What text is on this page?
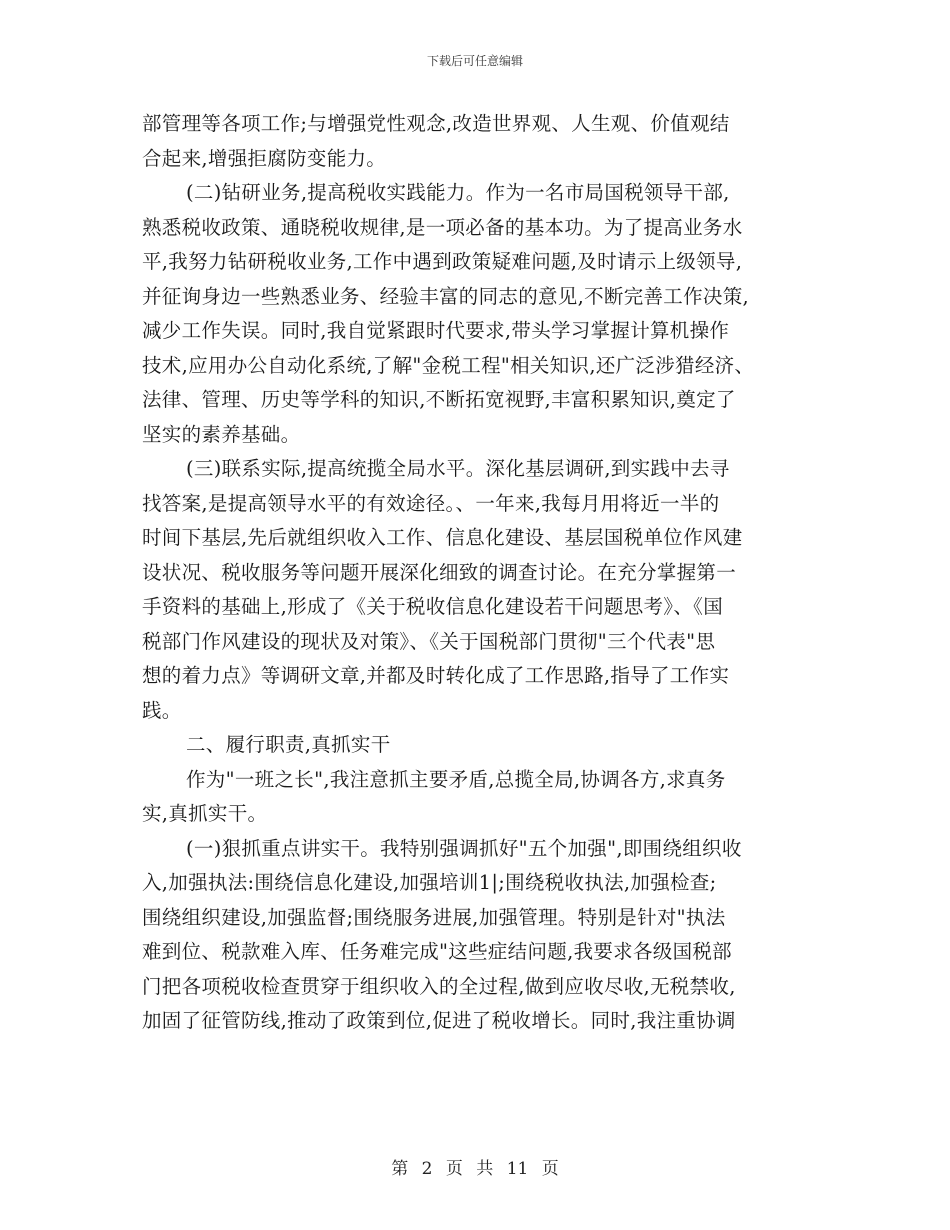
下载后可任意编辑
部管理等各项工作;与增强党性观念,改造世界观、人生观、价值观结
合起来,增强拒腐防变能力。
(二)钻研业务,提高税收实践能力。作为一名市局国税领导干部,
熟悉税收政策、通晓税收规律,是一项必备的基本功。为了提高业务水
平,我努力钻研税收业务,工作中遇到政策疑难问题,及时请示上级领导,
并征询身边一些熟悉业务、经验丰富的同志的意见,不断完善工作决策,
减少工作失误。同时,我自觉紧跟时代要求,带头学习掌握计算机操作
技术,应用办公自动化系统,了解"金税工程"相关知识,还广泛涉猎经济、
法律、管理、历史等学科的知识,不断拓宽视野,丰富积累知识,奠定了
坚实的素养基础。
(三)联系实际,提高统揽全局水平。深化基层调研,到实践中去寻
找答案,是提高领导水平的有效途径。、一年来,我每月用将近一半的
时间下基层,先后就组织收入工作、信息化建设、基层国税单位作风建
设状况、税收服务等问题开展深化细致的调查讨论。在充分掌握第一
手资料的基础上,形成了《关于税收信息化建设若干问题思考》、《国
税部门作风建设的现状及对策》、《关于国税部门贯彻"三个代表"思
想的着力点》等调研文章,并都及时转化成了工作思路,指导了工作实
践。
二、履行职责,真抓实干
作为"一班之长",我注意抓主要矛盾,总揽全局,协调各方,求真务
实,真抓实干。
(一)狠抓重点讲实干。我特别强调抓好"五个加强",即围绕组织收
入,加强执法:围绕信息化建设,加强培训1|;围绕税收执法,加强检查;
围绕组织建设,加强监督;围绕服务进展,加强管理。特别是针对"执法
难到位、税款难入库、任务难完成"这些症结问题,我要求各级国税部
门把各项税收检查贯穿于组织收入的全过程,做到应收尽收,无税禁收,
加固了征管防线,推动了政策到位,促进了税收增长。同时,我注重协调
第 2 页 共 11 页
